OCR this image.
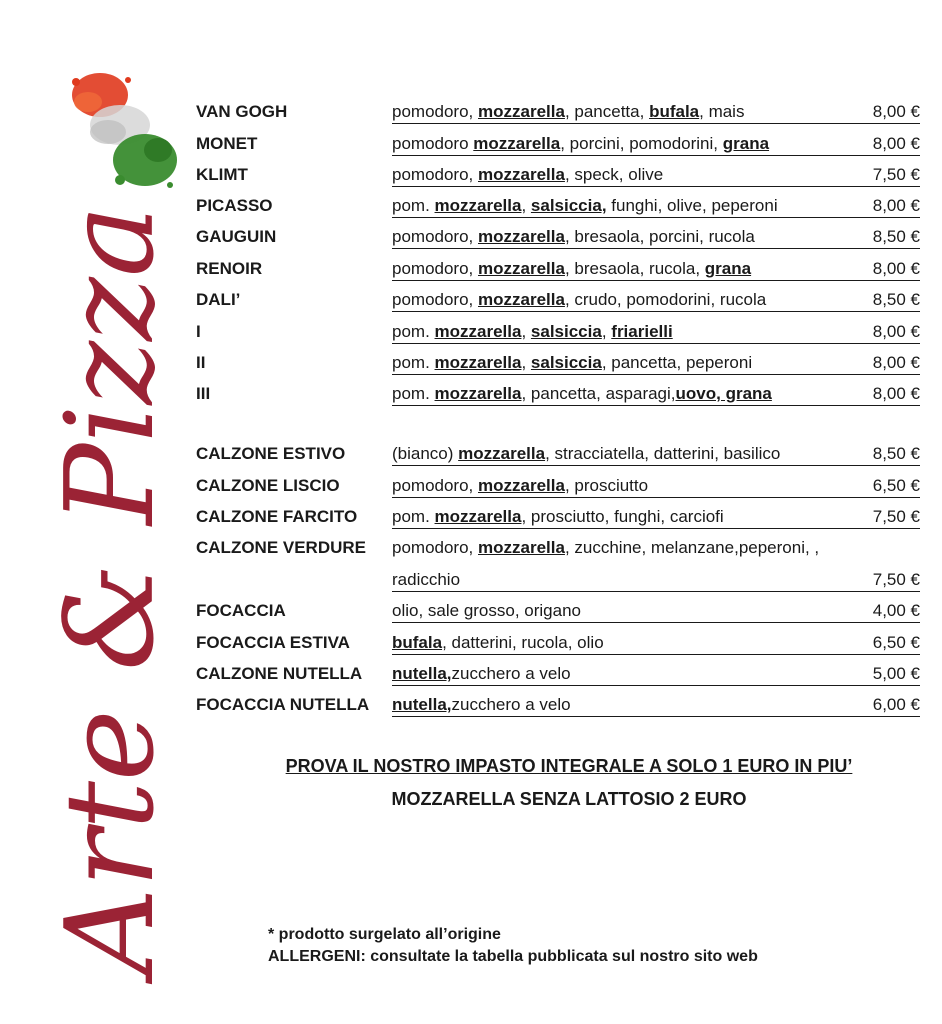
Arte & Pizza
VAN GOGH	pomodoro, mozzarella, pancetta, bufala, mais	8,00 €
MONET	pomodoro mozzarella, porcini, pomodorini, grana	8,00 €
KLIMT	pomodoro, mozzarella, speck, olive	7,50 €
PICASSO	pom. mozzarella, salsiccia, funghi, olive, peperoni	8,00 €
GAUGUIN	pomodoro, mozzarella, bresaola, porcini, rucola	8,50 €
RENOIR	pomodoro, mozzarella, bresaola, rucola, grana	8,00 €
DALI’	pomodoro, mozzarella, crudo, pomodorini, rucola	8,50 €
I	pom. mozzarella, salsiccia, friarielli	8,00 €
II	pom. mozzarella, salsiccia, pancetta, peperoni	8,00 €
III	pom. mozzarella, pancetta, asparagi,uovo, grana	8,00 €
CALZONE ESTIVO	(bianco) mozzarella, stracciatella, datterini, basilico	8,50 €
CALZONE LISCIO	pomodoro, mozzarella, prosciutto	6,50 €
CALZONE FARCITO pom. mozzarella, prosciutto, funghi, carciofi	7,50 €
CALZONE VERDURE pomodoro, mozzarella, zucchine, melanzane,peperoni, ,
radicchio	7,50 €
FOCACCIA	olio, sale grosso, origano	4,00 €
FOCACCIA ESTIVA bufala, datterini, rucola, olio	6,50 €
CALZONE NUTELLA nutella,zucchero a velo	5,00 €
FOCACCIA NUTELLA nutella,zucchero a velo	6,00 €
PROVA IL NOSTRO IMPASTO INTEGRALE A SOLO 1 EURO IN PIU’
MOZZARELLA SENZA LATTOSIO 2 EURO
* prodotto surgelato all’origine
ALLERGENI: consultate la tabella pubblicata sul nostro sito web
